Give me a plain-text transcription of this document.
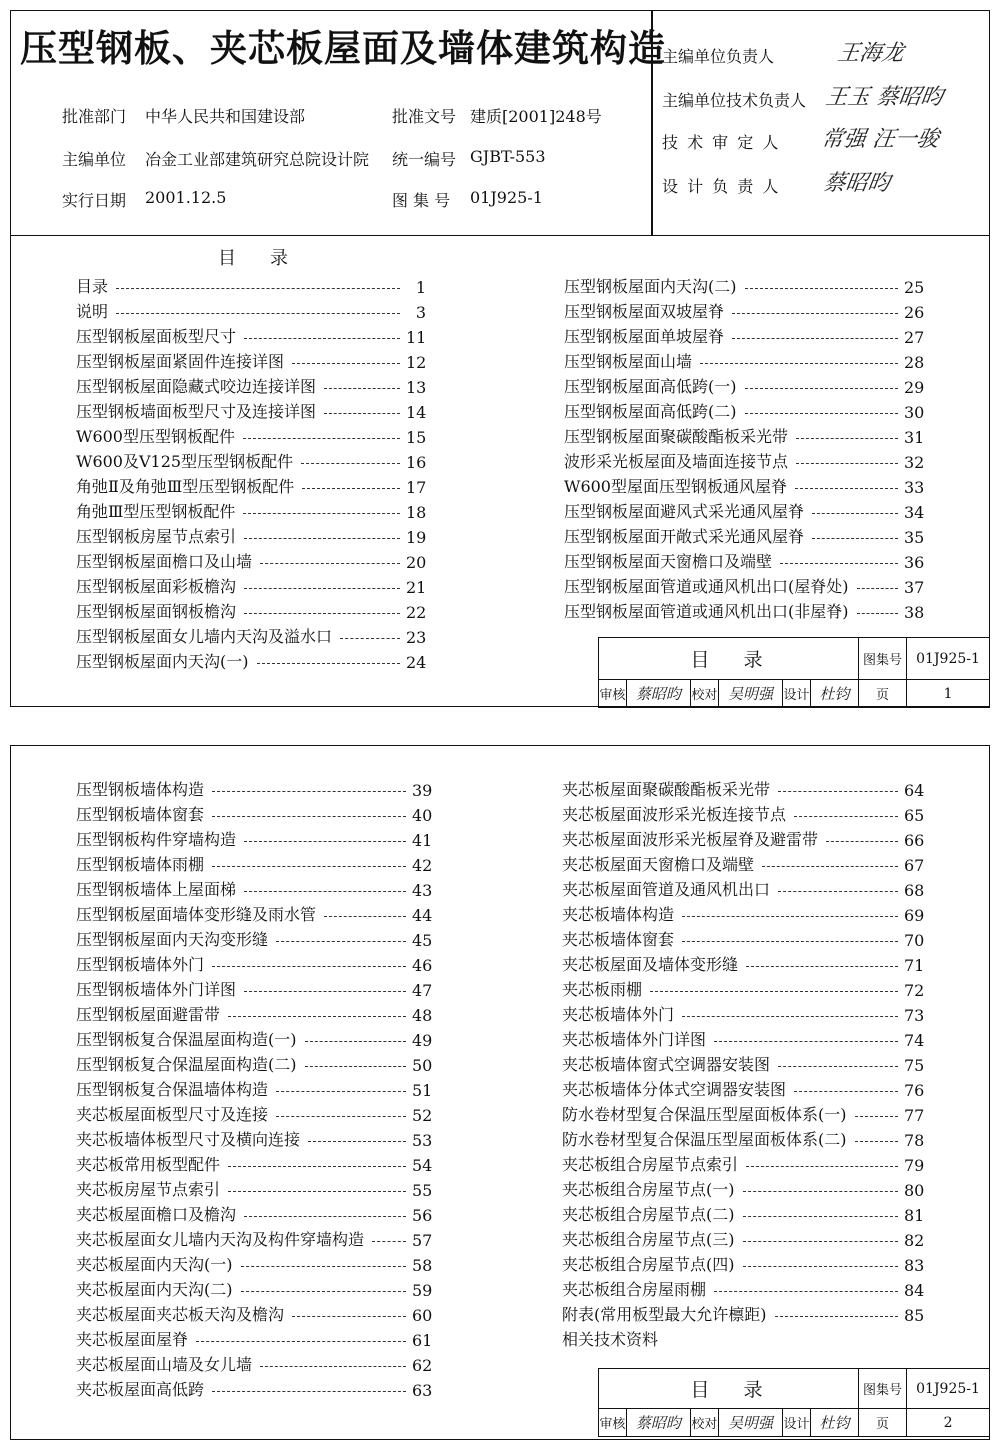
压型钢板、夹芯板屋面及墙体建筑构造
批准部门 中华人民共和国建设部	批准文号 建质[2001]248号
主编单位 冶金工业部建筑研究总院设计院 统一编号 GJBT-553
实行日期 2001.12.5	图 集 号 01J925-1
主编单位负责人	王海龙
主编单位技术负责人 王玉 蔡昭昀
技 术 审 定 人 常强 汪一骏
设 计 负 责 人 蔡昭昀
目录
目录	1
说明	3
压型钢板屋面板型尺寸	11
压型钢板屋面紧固件连接详图	12
压型钢板屋面隐藏式咬边连接详图	13
压型钢板墙面板型尺寸及连接详图	14
W600型压型钢板配件	15
W600及V125型压型钢板配件	16
角弛Ⅱ及角弛Ⅲ型压型钢板配件	17
角弛Ⅲ型压型钢板配件	18
压型钢板房屋节点索引	19
压型钢板屋面檐口及山墙	20
压型钢板屋面彩板檐沟	21
压型钢板屋面钢板檐沟	22
压型钢板屋面女儿墙内天沟及溢水口	23
压型钢板屋面内天沟(一)	24
压型钢板屋面内天沟(二)	25
压型钢板屋面双坡屋脊	26
压型钢板屋面单坡屋脊	27
压型钢板屋面山墙	28
压型钢板屋面高低跨(一)	29
压型钢板屋面高低跨(二)	30
压型钢板屋面聚碳酸酯板采光带	31
波形采光板屋面及墙面连接节点	32
W600型屋面压型钢板通风屋脊	33
压型钢板屋面避风式采光通风屋脊	34
压型钢板屋面开敞式采光通风屋脊	35
压型钢板屋面天窗檐口及端壁	36
压型钢板屋面管道或通风机出口(屋脊处)	37
压型钢板屋面管道或通风机出口(非屋脊)	38
目录						图集号	01J925-1
审核	蔡昭昀	校对	吴明强	设计	杜钧	页	1
压型钢板墙体构造	39
压型钢板墙体窗套	40
压型钢板构件穿墙构造	41
压型钢板墙体雨棚	42
压型钢板墙体上屋面梯	43
压型钢板屋面墙体变形缝及雨水管	44
压型钢板屋面内天沟变形缝	45
压型钢板墙体外门	46
压型钢板墙体外门详图	47
压型钢板屋面避雷带	48
压型钢板复合保温屋面构造(一)	49
压型钢板复合保温屋面构造(二)	50
压型钢板复合保温墙体构造	51
夹芯板屋面板型尺寸及连接	52
夹芯板墙体板型尺寸及横向连接	53
夹芯板常用板型配件	54
夹芯板房屋节点索引	55
夹芯板屋面檐口及檐沟	56
夹芯板屋面女儿墙内天沟及构件穿墙构造	57
夹芯板屋面内天沟(一)	58
夹芯板屋面内天沟(二)	59
夹芯板屋面夹芯板天沟及檐沟	60
夹芯板屋面屋脊	61
夹芯板屋面山墙及女儿墙	62
夹芯板屋面高低跨	63
夹芯板屋面聚碳酸酯板采光带	64
夹芯板屋面波形采光板连接节点	65
夹芯板屋面波形采光板屋脊及避雷带	66
夹芯板屋面天窗檐口及端壁	67
夹芯板屋面管道及通风机出口	68
夹芯板墙体构造	69
夹芯板墙体窗套	70
夹芯板屋面及墙体变形缝	71
夹芯板雨棚	72
夹芯板墙体外门	73
夹芯板墙体外门详图	74
夹芯板墙体窗式空调器安装图	75
夹芯板墙体分体式空调器安装图	76
防水卷材型复合保温压型屋面板体系(一)	77
防水卷材型复合保温压型屋面板体系(二)	78
夹芯板组合房屋节点索引	79
夹芯板组合房屋节点(一)	80
夹芯板组合房屋节点(二)	81
夹芯板组合房屋节点(三)	82
夹芯板组合房屋节点(四)	83
夹芯板组合房屋雨棚	84
附表(常用板型最大允许檩距)	85
相关技术资料
目录						图集号	01J925-1
审核	蔡昭昀	校对	吴明强	设计	杜钧	页	2
